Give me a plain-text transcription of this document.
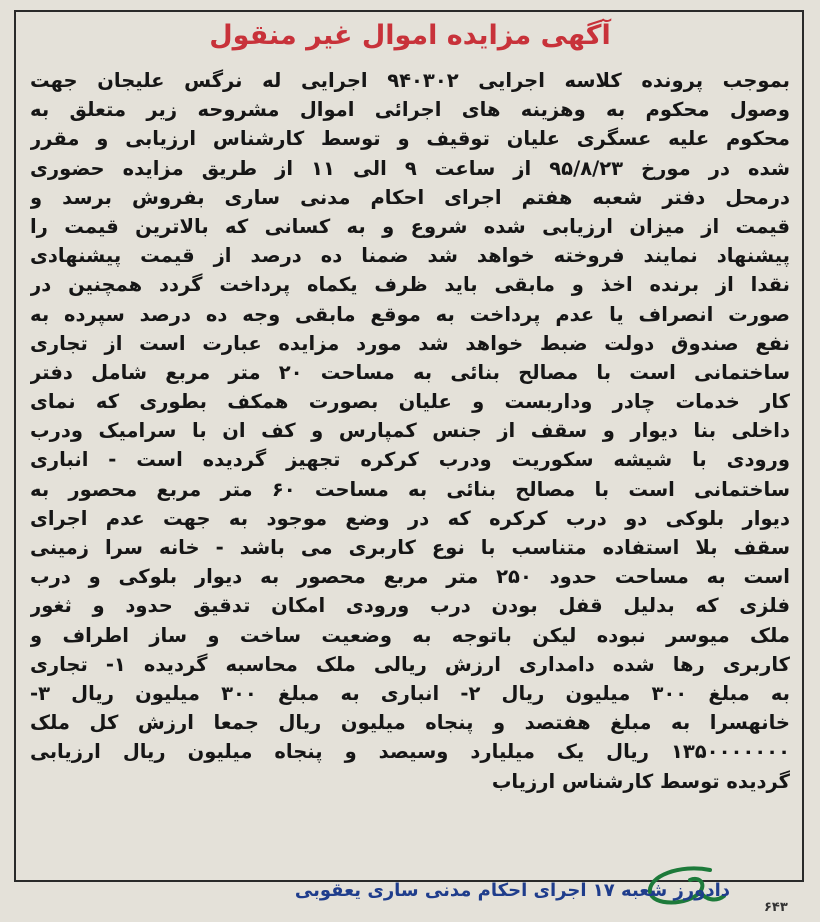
آگهی مزایده اموال غیر منقول
بموجب پرونده کلاسه اجرایی ۹۴۰۳۰۲ اجرایی له نرگس علیجان جهت
وصول محکوم به وهزینه های اجرائی اموال مشروحه زیر متعلق به
محکوم علیه عسگری علیان توقیف و توسط کارشناس ارزیابی و مقرر
شده در مورخ ۹۵/۸/۲۳ از ساعت ۹ الی ۱۱ از طریق مزایده حضوری
درمحل دفتر شعبه هفتم اجرای احکام مدنی ساری بفروش برسد و
قیمت از میزان ارزیابی شده شروع و به کسانی که بالاترین قیمت را
پیشنهاد نمایند فروخته خواهد شد ضمنا ده درصد از قیمت پیشنهادی
نقدا از برنده اخذ و مابقی باید ظرف یکماه پرداخت گردد همچنین در
صورت انصراف یا عدم پرداخت به موقع مابقی وجه ده درصد سپرده به
نفع صندوق دولت ضبط خواهد شد مورد مزایده عبارت است از تجاری
ساختمانی است با مصالح بنائی به مساحت ۲۰ متر مربع شامل دفتر
کار خدمات چادر وداربست و علیان بصورت همکف بطوری که نمای
داخلی بنا دیوار و سقف از جنس کمپارس و کف ان با سرامیک ودرب
ورودی با شیشه سکوریت ودرب کرکره تجهیز گردیده است - انباری
ساختمانی است با مصالح بنائی به مساحت ۶۰ متر مربع محصور به
دیوار بلوکی دو درب کرکره که در وضع موجود به جهت عدم اجرای
سقف بلا استفاده متناسب با نوع کاربری می باشد - خانه سرا زمینی
است به مساحت حدود ۲۵۰ متر مربع محصور به دیوار بلوکی و درب
فلزی که بدلیل قفل بودن درب ورودی امکان تدقیق حدود و ثغور
ملک میوسر نبوده لیکن باتوجه به وضعیت ساخت و ساز اطراف و
کاربری رها شده دامداری ارزش ریالی ملک محاسبه گردیده ۱- تجاری
به مبلغ ۳۰۰ میلیون ریال ۲- انباری به مبلغ ۳۰۰ میلیون ریال ۳-
خانهسرا به مبلغ هفتصد و پنجاه میلیون ریال جمعا ارزش کل ملک
۱۳۵۰۰۰۰۰۰۰ ریال یک میلیارد وسیصد و پنجاه میلیون ریال ارزیابی
گردیده توسط کارشناس ارزیاب
دادورز شعبه ۱۷ اجرای احکام مدنی ساری یعقوبی
۶۴۳
